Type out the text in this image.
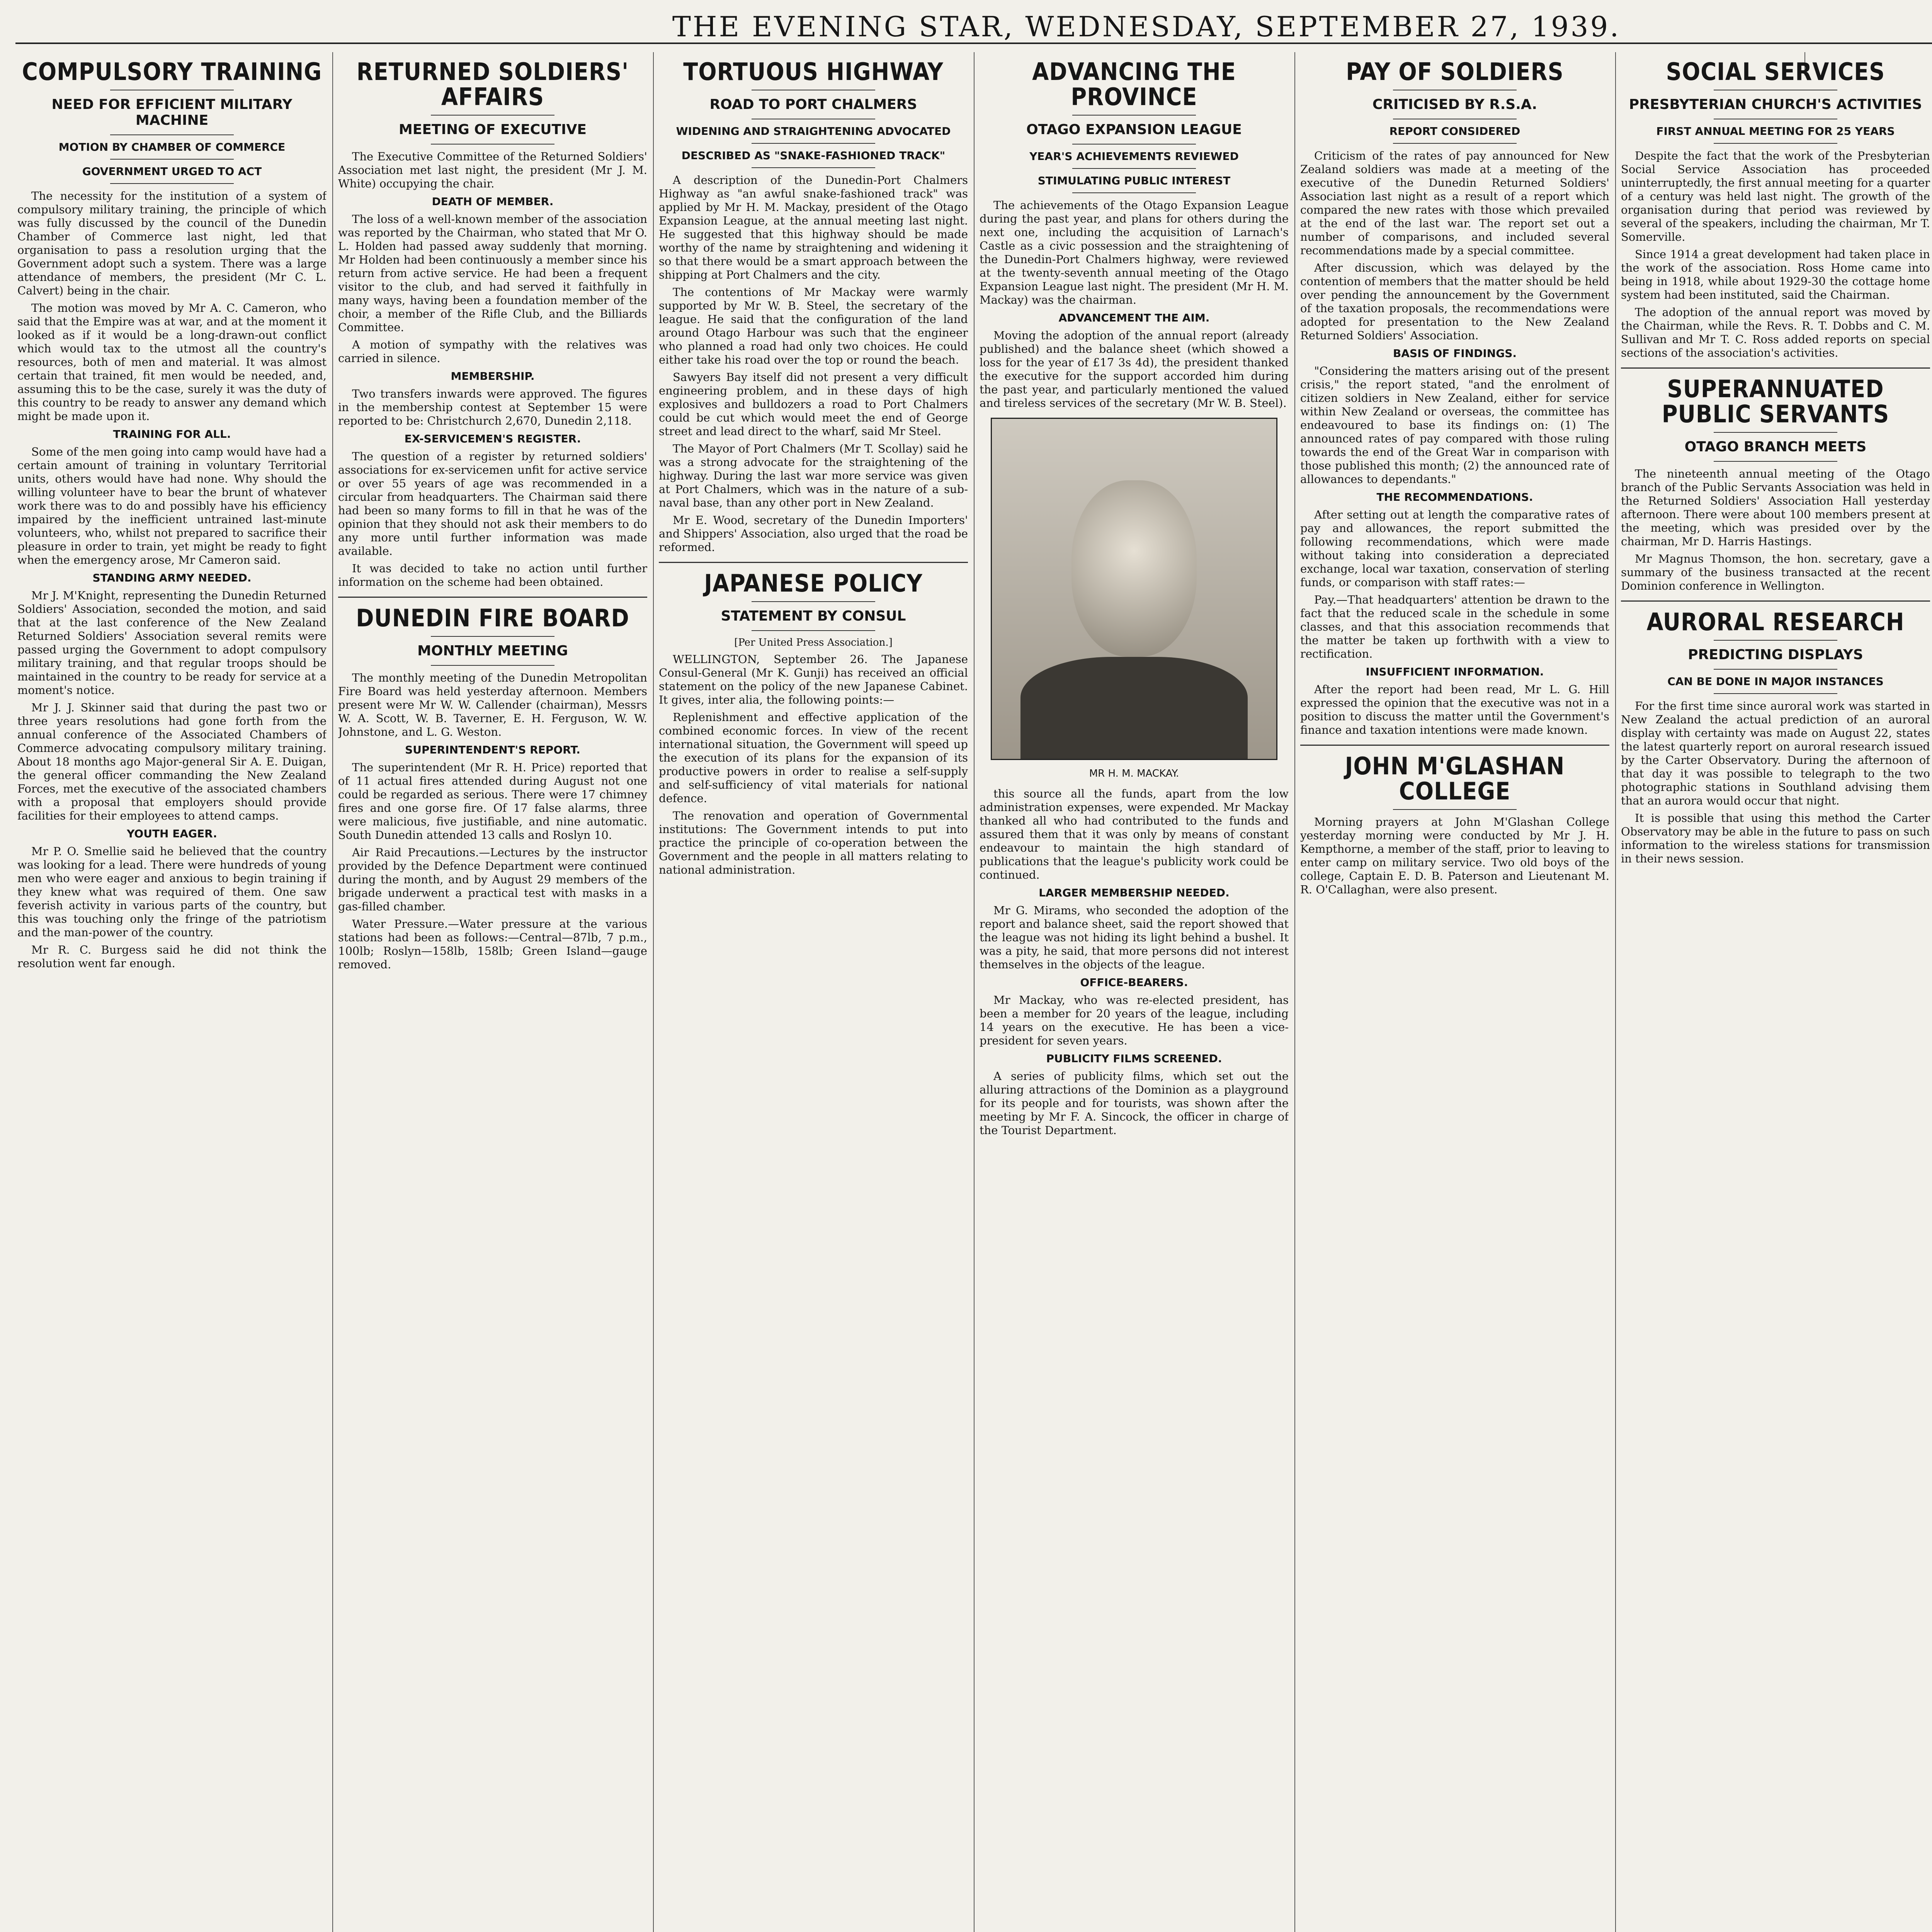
THE EVENING STAR, WEDNESDAY, SEPTEMBER 27, 1939.
COMPULSORY TRAINING
NEED FOR EFFICIENT MILITARY MACHINE
MOTION BY CHAMBER OF COMMERCE
GOVERNMENT URGED TO ACT

The necessity for the institution of a system of compulsory military training, the principle of which was fully discussed by the council of the Dunedin Chamber of Commerce last night, led that organisation to pass a resolution urging that the Government adopt such a system. There was a large attendance of members, the president (Mr C. L. Calvert) being in the chair.

The motion was moved by Mr A. C. Cameron, who said that the Empire was at war, and at the moment it looked as if it would be a long-drawn-out conflict which would tax to the utmost all the country's resources, both of men and material. It was almost certain that trained, fit men would be needed, and, assuming this to be the case, surely it was the duty of this country to be ready to answer any demand which might be made upon it.

TRAINING FOR ALL.

Some of the men going into camp would have had a certain amount of training in voluntary Territorial units, others would have had none. Why should the willing volunteer have to bear the brunt of whatever work there was to do and possibly have his efficiency impaired by the inefficient untrained last-minute volunteers, who, whilst not prepared to sacrifice their pleasure in order to train, yet might be ready to fight when the emergency arose, Mr Cameron said.

STANDING ARMY NEEDED.

Mr J. M'Knight, representing the Dunedin Returned Soldiers' Association, seconded the motion, and said that at the last conference of the New Zealand Returned Soldiers' Association several remits were passed urging the Government to adopt compulsory military training, and that regular troops should be maintained in the country to be ready for service at a moment's notice.

Mr J. J. Skinner said that during the past two or three years resolutions had gone forth from the annual conference of the Associated Chambers of Commerce advocating compulsory military training. About 18 months ago Major-general Sir A. E. Duigan, the general officer commanding the New Zealand Forces, met the executive of the associated chambers with a proposal that employers should provide facilities for their employees to attend camps.

YOUTH EAGER.

Mr P. O. Smellie said he believed that the country was looking for a lead. There were hundreds of young men who were eager and anxious to begin training if they knew what was required of them. One saw feverish activity in various parts of the country, but this was touching only the fringe of the patriotism and the man-power of the country.

Mr R. C. Burgess said he did not think the resolution went far enough.

RETURNED SOLDIERS' AFFAIRS
MEETING OF EXECUTIVE

The Executive Committee of the Returned Soldiers' Association met last night, the president (Mr J. M. White) occupying the chair.

DEATH OF MEMBER.

The loss of a well-known member of the association was reported by the Chairman, who stated that Mr O. L. Holden had passed away suddenly that morning. Mr Holden had been continuously a member since his return from active service. He had been a frequent visitor to the club, and had served it faithfully in many ways, having been a foundation member of the choir, a member of the Rifle Club, and the Billiards Committee.

A motion of sympathy with the relatives was carried in silence.

MEMBERSHIP.

Two transfers inwards were approved. The figures in the membership contest at September 15 were reported to be: Christchurch 2,670, Dunedin 2,118.

EX-SERVICEMEN'S REGISTER.

The question of a register by returned soldiers' associations for ex-servicemen unfit for active service or over 55 years of age was recommended in a circular from headquarters. The Chairman said there had been so many forms to fill in that he was of the opinion that they should not ask their members to do any more until further information was made available.

It was decided to take no action until further information on the scheme had been obtained.

DUNEDIN FIRE BOARD
MONTHLY MEETING

The monthly meeting of the Dunedin Metropolitan Fire Board was held yesterday afternoon. Members present were Mr W. W. Callender (chairman), Messrs W. A. Scott, W. B. Taverner, E. H. Ferguson, W. W. Johnstone, and L. G. Weston.

SUPERINTENDENT'S REPORT.

The superintendent (Mr R. H. Price) reported that of 11 actual fires attended during August not one could be regarded as serious. There were 17 chimney fires and one gorse fire. Of 17 false alarms, three were malicious, five justifiable, and nine automatic. South Dunedin attended 13 calls and Roslyn 10.

Air Raid Precautions.—Lectures by the instructor provided by the Defence Department were continued during the month, and by August 29 members of the brigade underwent a practical test with masks in a gas-filled chamber.

Water Pressure.—Water pressure at the various stations had been as follows:—Central—87lb, 7 p.m., 100lb; Roslyn—158lb, 158lb; Green Island—gauge removed.

TORTUOUS HIGHWAY
ROAD TO PORT CHALMERS
WIDENING AND STRAIGHTENING ADVOCATED
DESCRIBED AS "SNAKE-FASHIONED TRACK"

A description of the Dunedin-Port Chalmers Highway as "an awful snake-fashioned track" was applied by Mr H. M. Mackay, president of the Otago Expansion League, at the annual meeting last night. He suggested that this highway should be made worthy of the name by straightening and widening it so that there would be a smart approach between the shipping at Port Chalmers and the city.

The contentions of Mr Mackay were warmly supported by Mr W. B. Steel, the secretary of the league. He said that the configuration of the land around Otago Harbour was such that the engineer who planned a road had only two choices. He could either take his road over the top or round the beach.

Sawyers Bay itself did not present a very difficult engineering problem, and in these days of high explosives and bulldozers a road to Port Chalmers could be cut which would meet the end of George street and lead direct to the wharf, said Mr Steel.

The Mayor of Port Chalmers (Mr T. Scollay) said he was a strong advocate for the straightening of the highway. During the last war more service was given at Port Chalmers, which was in the nature of a sub-naval base, than any other port in New Zealand.

Mr E. Wood, secretary of the Dunedin Importers' and Shippers' Association, also urged that the road be reformed.

JAPANESE POLICY
STATEMENT BY CONSUL
[Per United Press Association.]

WELLINGTON, September 26. The Japanese Consul-General (Mr K. Gunji) has received an official statement on the policy of the new Japanese Cabinet. It gives, inter alia, the following points:—

Replenishment and effective application of the combined economic forces. In view of the recent international situation, the Government will speed up the execution of its plans for the expansion of its productive powers in order to realise a self-supply and self-sufficiency of vital materials for national defence.

The renovation and operation of Governmental institutions: The Government intends to put into practice the principle of co-operation between the Government and the people in all matters relating to national administration.

ADVANCING THE PROVINCE
OTAGO EXPANSION LEAGUE
YEAR'S ACHIEVEMENTS REVIEWED
STIMULATING PUBLIC INTEREST

The achievements of the Otago Expansion League during the past year, and plans for others during the next one, including the acquisition of Larnach's Castle as a civic possession and the straightening of the Dunedin-Port Chalmers highway, were reviewed at the twenty-seventh annual meeting of the Otago Expansion League last night. The president (Mr H. M. Mackay) was the chairman.

ADVANCEMENT THE AIM.

Moving the adoption of the annual report (already published) and the balance sheet (which showed a loss for the year of £17 3s 4d), the president thanked the executive for the support accorded him during the past year, and particularly mentioned the valued and tireless services of the secretary (Mr W. B. Steel).

MR H. M. MACKAY.

this source all the funds, apart from the low administration expenses, were expended. Mr Mackay thanked all who had contributed to the funds and assured them that it was only by means of constant endeavour to maintain the high standard of publications that the league's publicity work could be continued.

LARGER MEMBERSHIP NEEDED.

Mr G. Mirams, who seconded the adoption of the report and balance sheet, said the report showed that the league was not hiding its light behind a bushel. It was a pity, he said, that more persons did not interest themselves in the objects of the league.

OFFICE-BEARERS.

Mr Mackay, who was re-elected president, has been a member for 20 years of the league, including 14 years on the executive. He has been a vice-president for seven years.

PUBLICITY FILMS SCREENED.

A series of publicity films, which set out the alluring attractions of the Dominion as a playground for its people and for tourists, was shown after the meeting by Mr F. A. Sincock, the officer in charge of the Tourist Department.

PAY OF SOLDIERS
CRITICISED BY R.S.A.
REPORT CONSIDERED

Criticism of the rates of pay announced for New Zealand soldiers was made at a meeting of the executive of the Dunedin Returned Soldiers' Association last night as a result of a report which compared the new rates with those which prevailed at the end of the last war. The report set out a number of comparisons, and included several recommendations made by a special committee.

After discussion, which was delayed by the contention of members that the matter should be held over pending the announcement by the Government of the taxation proposals, the recommendations were adopted for presentation to the New Zealand Returned Soldiers' Association.

BASIS OF FINDINGS.

"Considering the matters arising out of the present crisis," the report stated, "and the enrolment of citizen soldiers in New Zealand, either for service within New Zealand or overseas, the committee has endeavoured to base its findings on: (1) The announced rates of pay compared with those ruling towards the end of the Great War in comparison with those published this month; (2) the announced rate of allowances to dependants."

THE RECOMMENDATIONS.

After setting out at length the comparative rates of pay and allowances, the report submitted the following recommendations, which were made without taking into consideration a depreciated exchange, local war taxation, conservation of sterling funds, or comparison with staff rates:—

Pay.—That headquarters' attention be drawn to the fact that the reduced scale in the schedule in some classes, and that this association recommends that the matter be taken up forthwith with a view to rectification.

INSUFFICIENT INFORMATION.

After the report had been read, Mr L. G. Hill expressed the opinion that the executive was not in a position to discuss the matter until the Government's finance and taxation intentions were made known.

JOHN M'GLASHAN COLLEGE

Morning prayers at John M'Glashan College yesterday morning were conducted by Mr J. H. Kempthorne, a member of the staff, prior to leaving to enter camp on military service. Two old boys of the college, Captain E. D. B. Paterson and Lieutenant M. R. O'Callaghan, were also present.

SOCIAL SERVICES
PRESBYTERIAN CHURCH'S ACTIVITIES
FIRST ANNUAL MEETING FOR 25 YEARS

Despite the fact that the work of the Presbyterian Social Service Association has proceeded uninterruptedly, the first annual meeting for a quarter of a century was held last night. The growth of the organisation during that period was reviewed by several of the speakers, including the chairman, Mr T. Somerville.

Since 1914 a great development had taken place in the work of the association. Ross Home came into being in 1918, while about 1929-30 the cottage home system had been instituted, said the Chairman.

The adoption of the annual report was moved by the Chairman, while the Revs. R. T. Dobbs and C. M. Sullivan and Mr T. C. Ross added reports on special sections of the association's activities.

SUPERANNUATED PUBLIC SERVANTS
OTAGO BRANCH MEETS

The nineteenth annual meeting of the Otago branch of the Public Servants Association was held in the Returned Soldiers' Association Hall yesterday afternoon. There were about 100 members present at the meeting, which was presided over by the chairman, Mr D. Harris Hastings.

Mr Magnus Thomson, the hon. secretary, gave a summary of the business transacted at the recent Dominion conference in Wellington.

AURORAL RESEARCH
PREDICTING DISPLAYS
CAN BE DONE IN MAJOR INSTANCES

For the first time since auroral work was started in New Zealand the actual prediction of an auroral display with certainty was made on August 22, states the latest quarterly report on auroral research issued by the Carter Observatory. During the afternoon of that day it was possible to telegraph to the two photographic stations in Southland advising them that an aurora would occur that night.

It is possible that using this method the Carter Observatory may be able in the future to pass on such information to the wireless stations for transmission in their news session.
